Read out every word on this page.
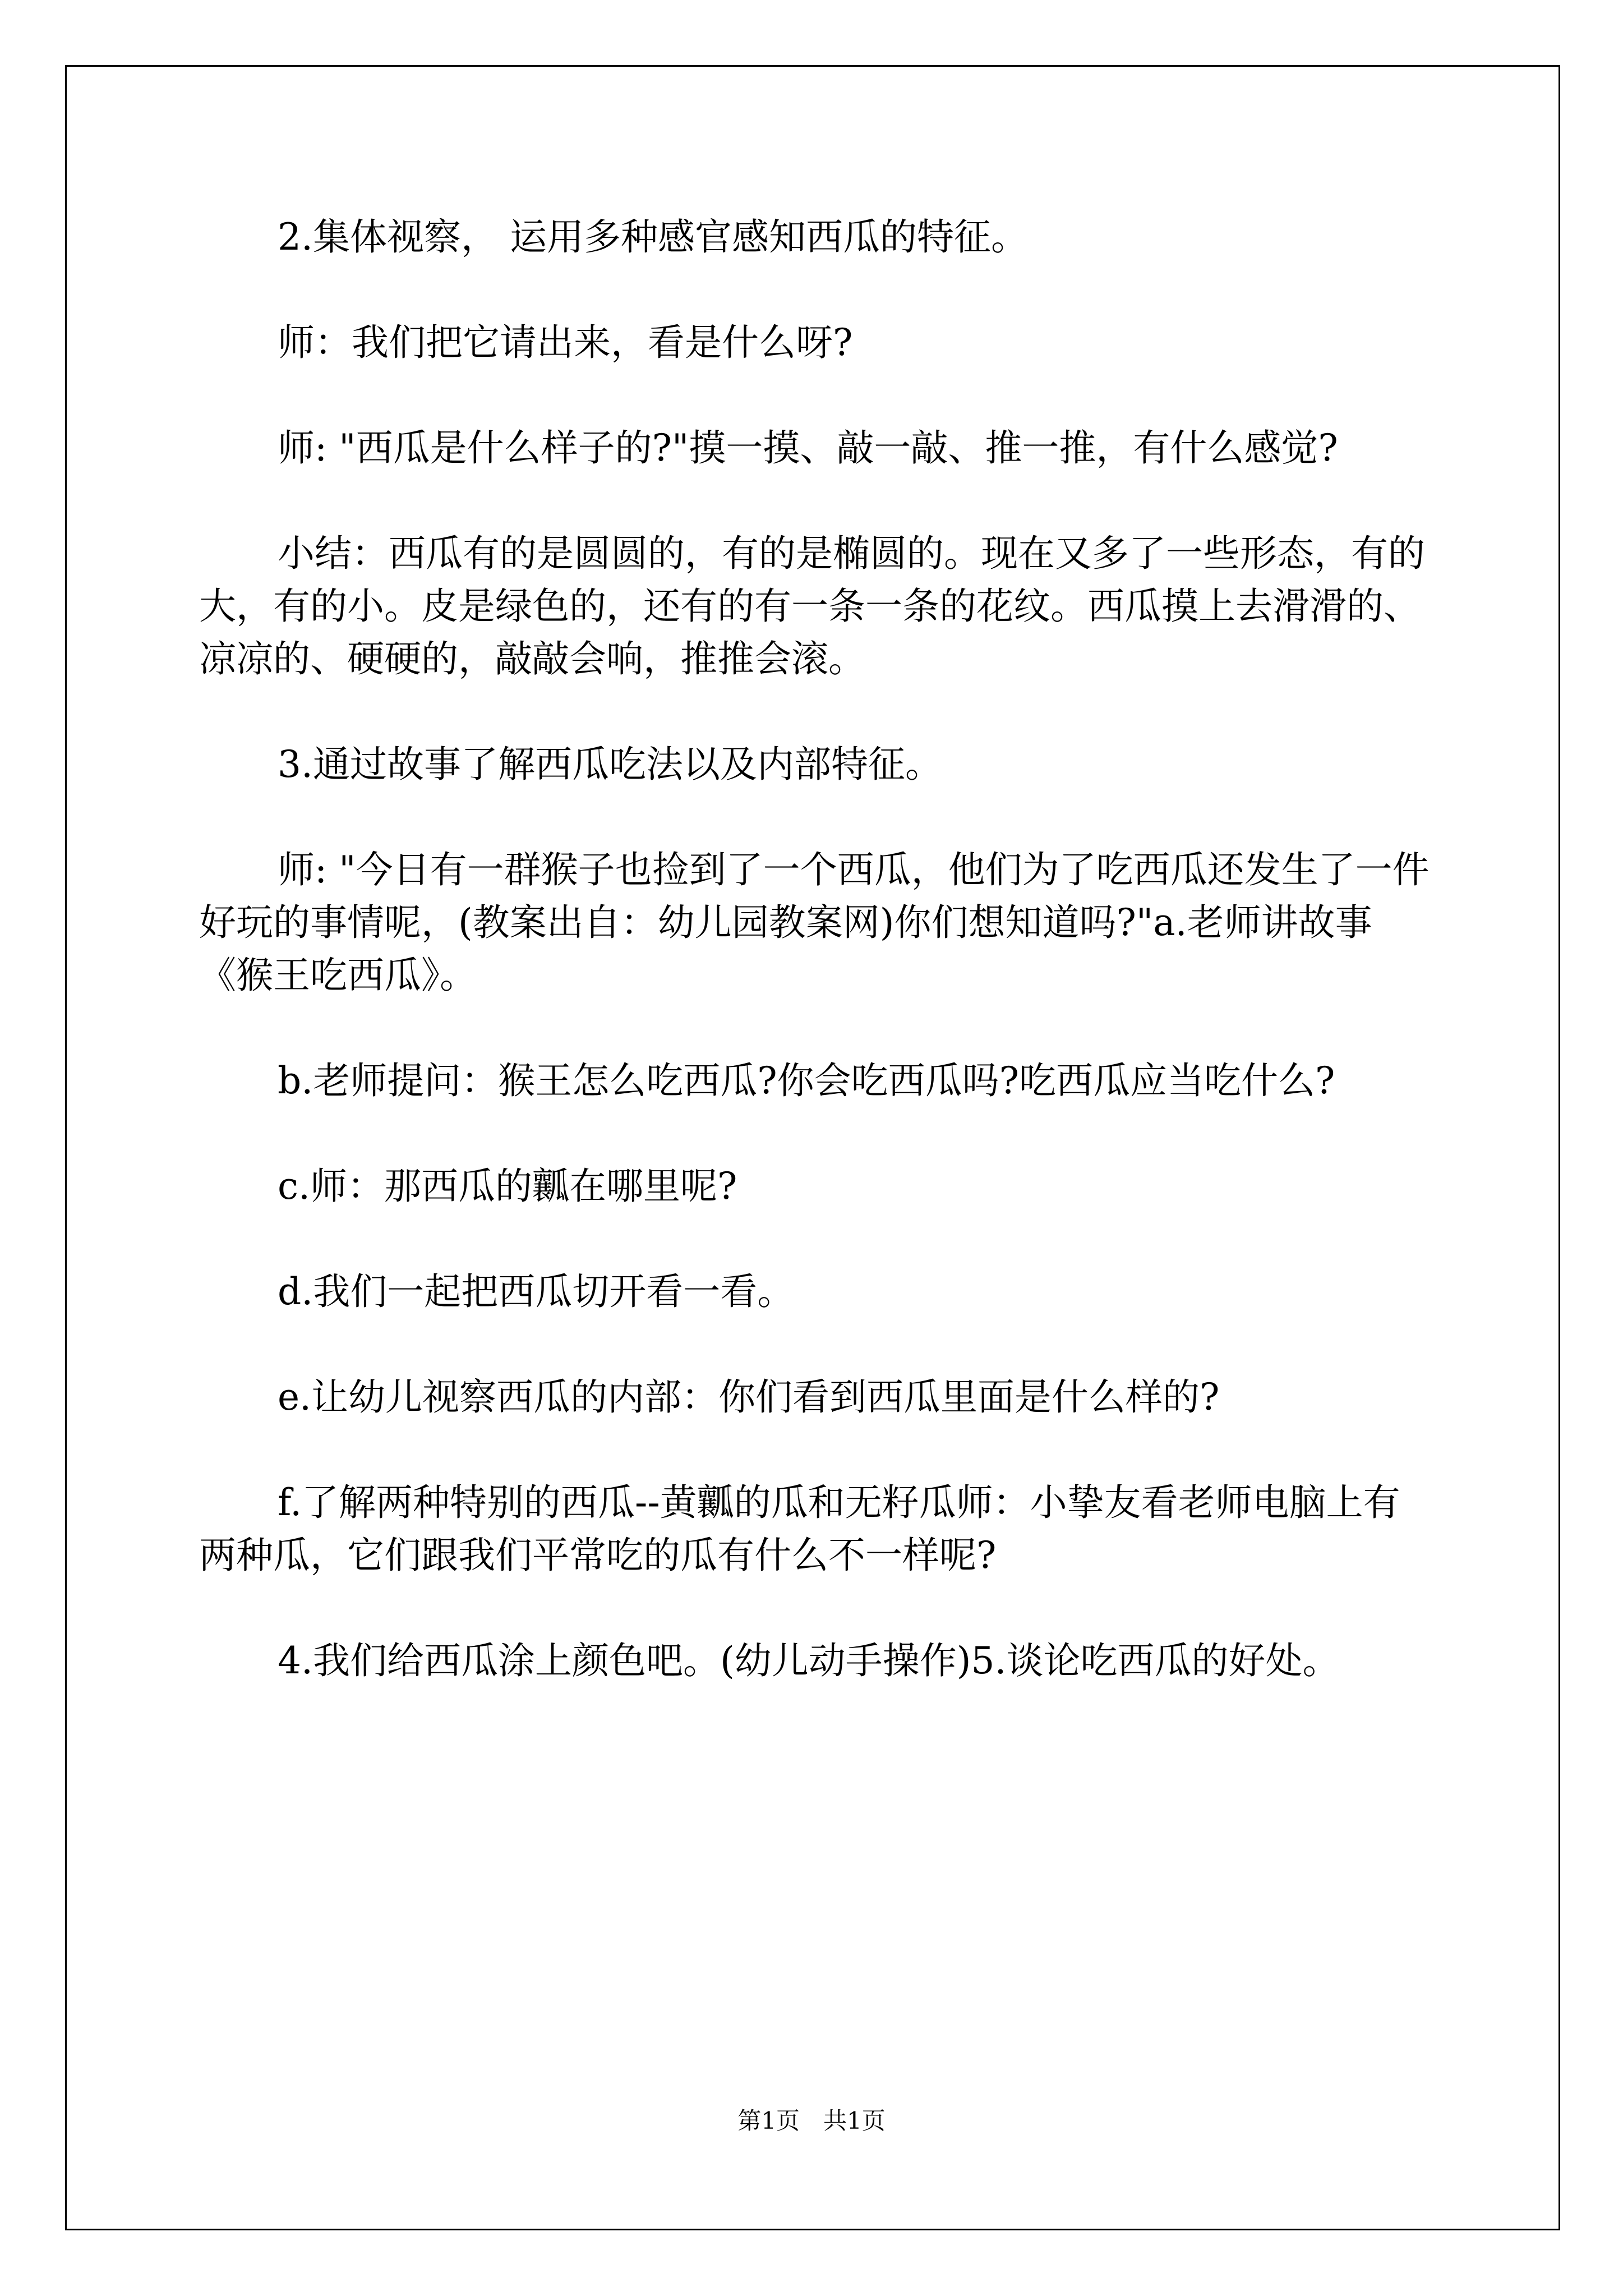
2.集体视察， 运用多种感官感知西瓜的特征。

师：我们把它请出来，看是什么呀?

师: "西瓜是什么样子的?"摸一摸、敲一敲、推一推，有什么感觉?

小结：西瓜有的是圆圆的，有的是椭圆的。现在又多了一些形态，有的大，有的小。皮是绿色的，还有的有一条一条的花纹。西瓜摸上去滑滑的、凉凉的、硬硬的，敲敲会响，推推会滚。

3.通过故事了解西瓜吃法以及内部特征。

师: "今日有一群猴子也捡到了一个西瓜，他们为了吃西瓜还发生了一件好玩的事情呢，(教案出自：幼儿园教案网)你们想知道吗?"a.老师讲故事《猴王吃西瓜》。

b.老师提问：猴王怎么吃西瓜?你会吃西瓜吗?吃西瓜应当吃什么?

c.师：那西瓜的瓤在哪里呢?

d.我们一起把西瓜切开看一看。

e.让幼儿视察西瓜的内部：你们看到西瓜里面是什么样的?

f.了解两种特别的西瓜--黄瓤的瓜和无籽瓜师：小挚友看老师电脑上有两种瓜，它们跟我们平常吃的瓜有什么不一样呢?

4.我们给西瓜涂上颜色吧。(幼儿动手操作)5.谈论吃西瓜的好处。

第1页　共1页
